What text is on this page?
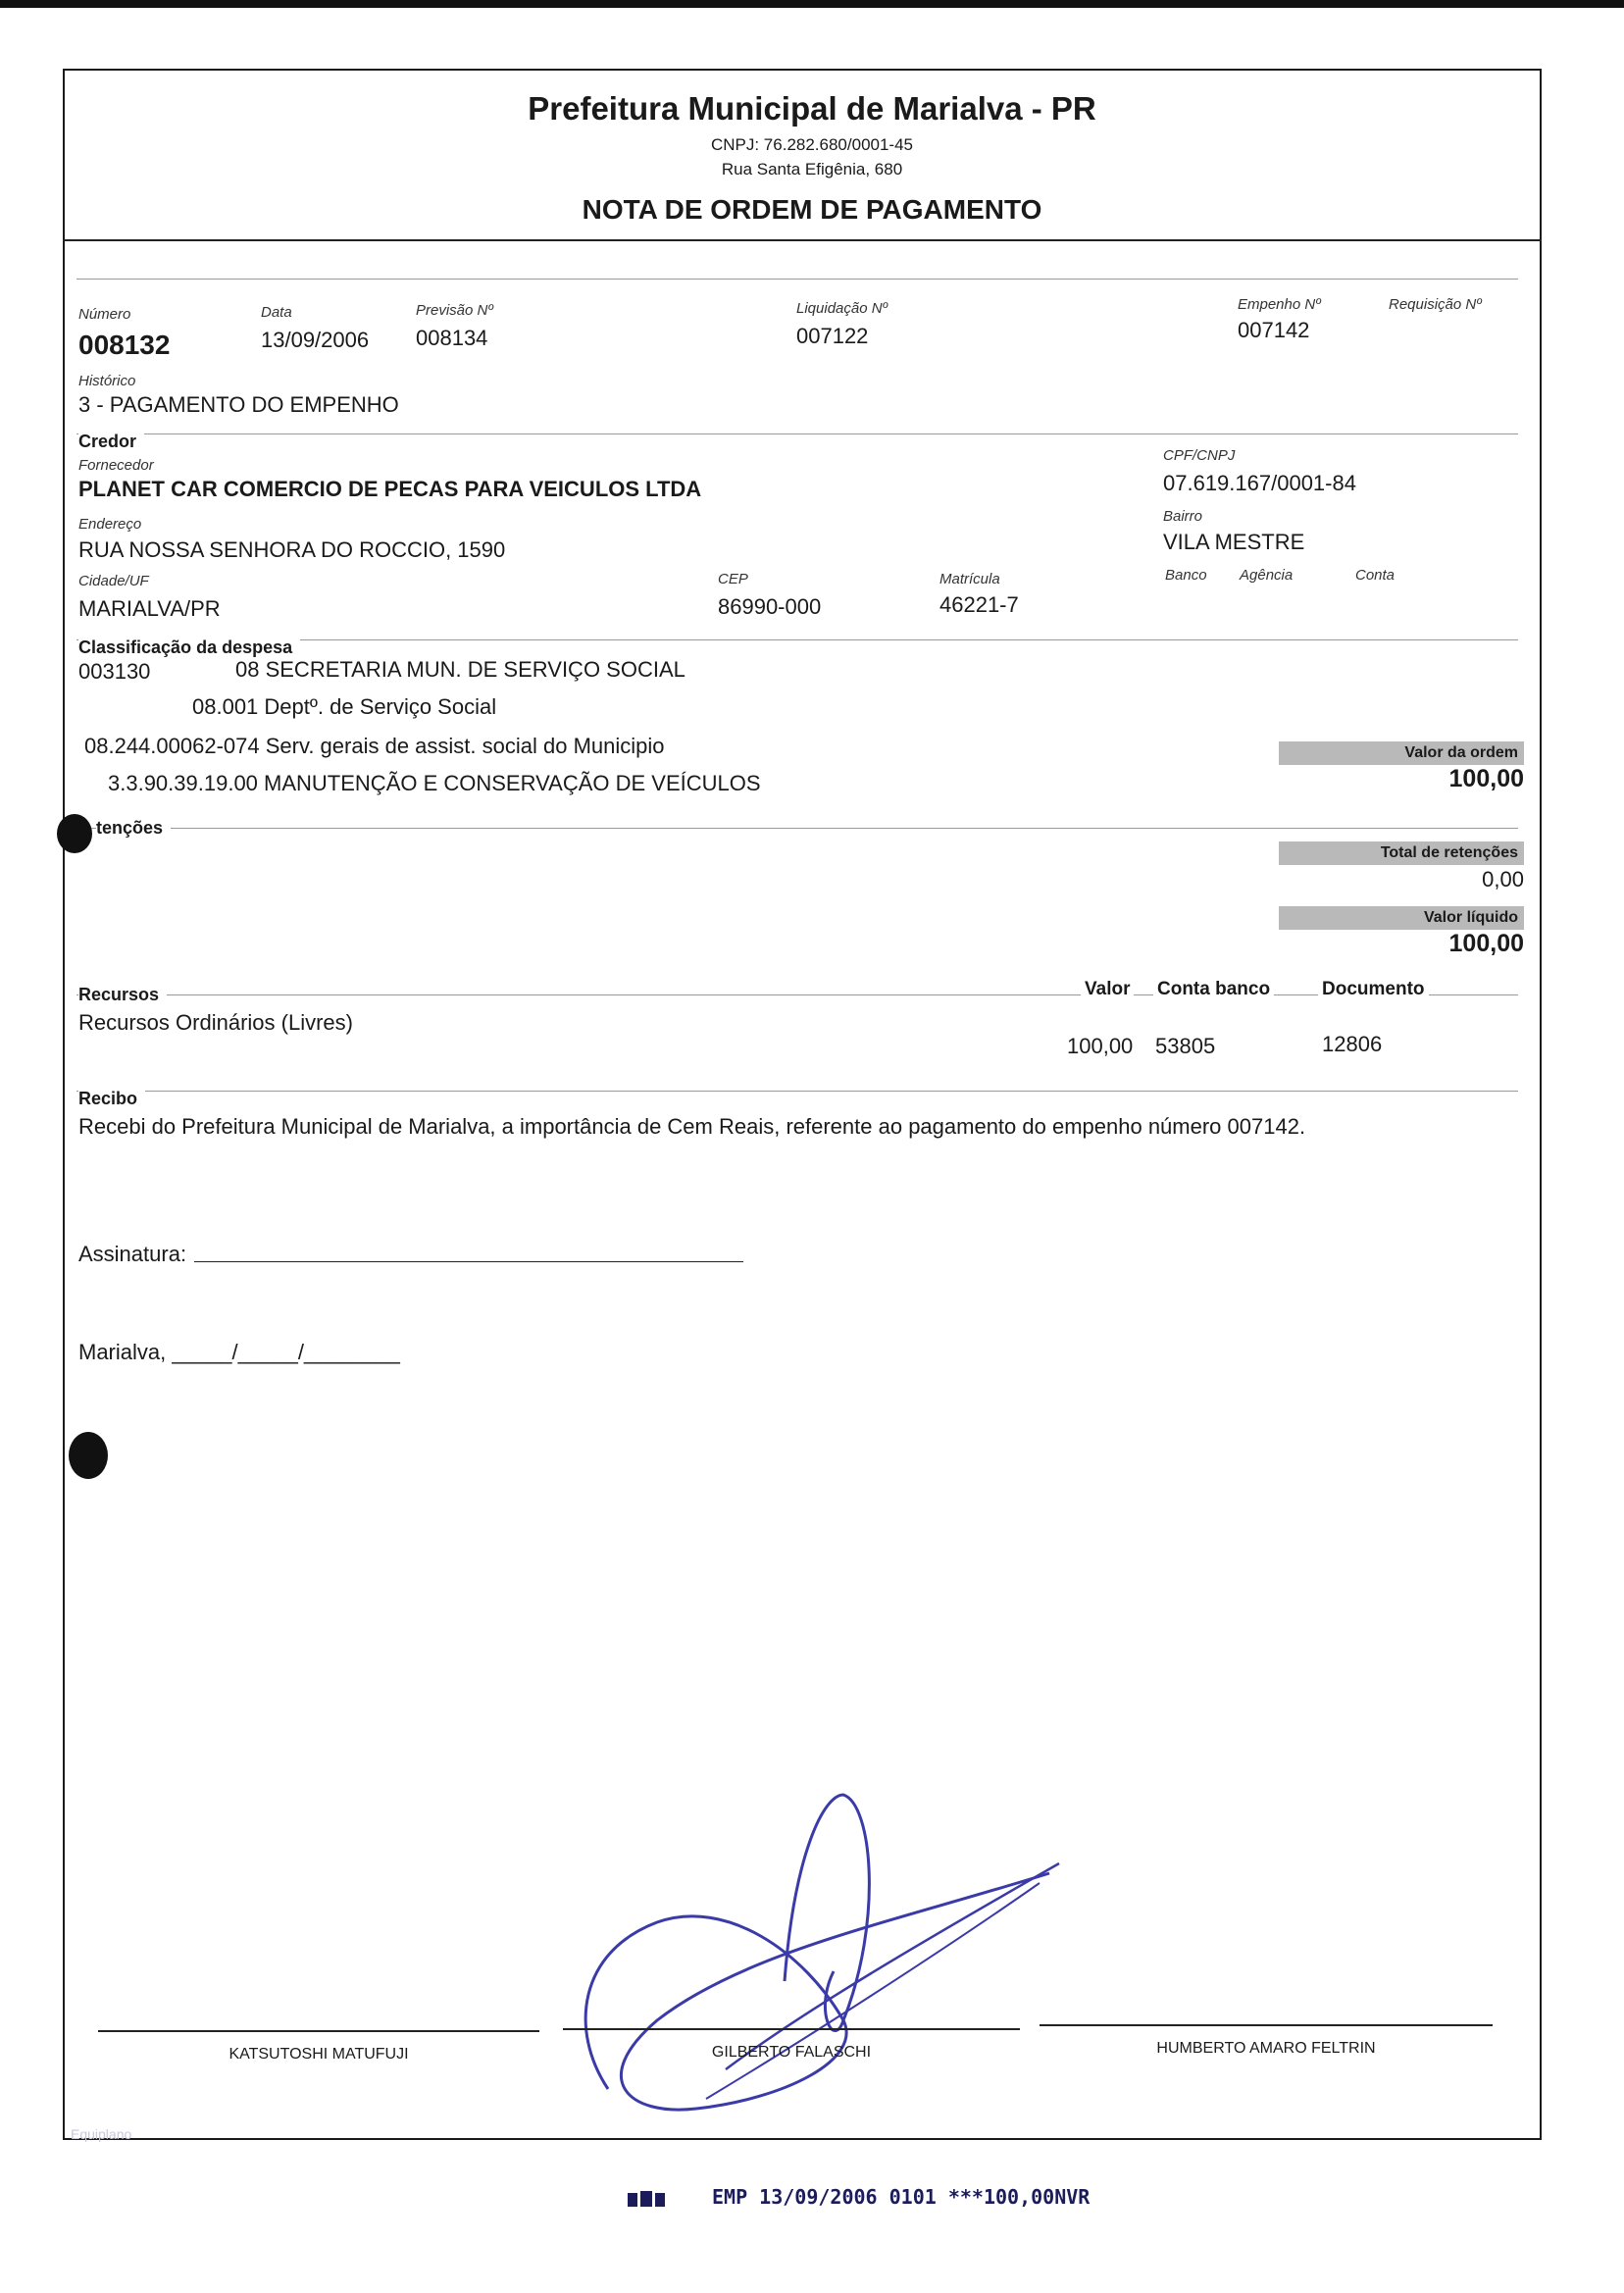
Prefeitura Municipal de Marialva - PR
CNPJ: 76.282.680/0001-45
Rua Santa Efigênia, 680
NOTA DE ORDEM DE PAGAMENTO
Número
008132
Data
13/09/2006
Previsão Nº
008134
Liquidação Nº
007122
Empenho Nº
007142
Requisição Nº
Histórico
3 - PAGAMENTO DO EMPENHO
Credor
Fornecedor
PLANET CAR COMERCIO DE PECAS PARA VEICULOS LTDA
CPF/CNPJ
07.619.167/0001-84
Endereço
RUA NOSSA SENHORA DO ROCCIO, 1590
Bairro
VILA MESTRE
Cidade/UF
MARIALVA/PR
CEP
86990-000
Matrícula
46221-7
Banco Agência	Conta
Classificação da despesa
003130	08 SECRETARIA MUN. DE SERVIÇO SOCIAL
08.001 Deptº. de Serviço Social
08.244.00062-074 Serv. gerais de assist. social do Municipio
3.3.90.39.19.00 MANUTENÇÃO E CONSERVAÇÃO DE VEÍCULOS
Valor da ordem
100,00
tenções
Total de retenções
0,00
Valor líquido
100,00
Recursos	Valor Conta banco	Documento
Recursos Ordinários (Livres)
100,00 53805	12806
Recibo
Recebi do Prefeitura Municipal de Marialva, a importância de Cem Reais, referente ao pagamento do empenho número 007142.
Assinatura:
Marialva, _____/_____/________
KATSUTOSHI MATUFUJI	GILBERTO FALASCHI	HUMBERTO AMARO FELTRIN
Equiplano
EMP 13/09/2006 0101 ***100,00NVR
